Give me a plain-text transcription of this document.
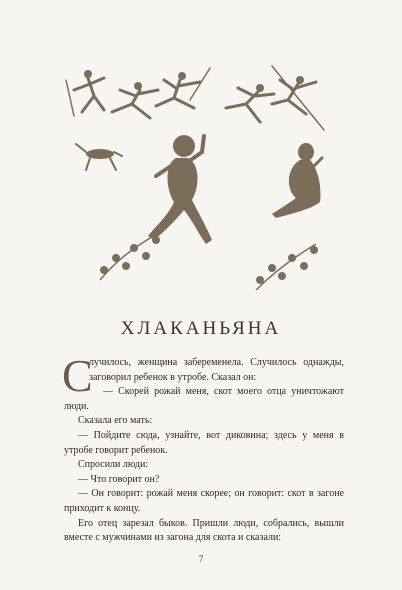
ХЛАКАНЬЯНА
С

лучилось, женщина забеременела. Случилось однажды, заговорил ребенок в утробе. Сказал он:

— Скорей рожай меня, скот моего отца уничтожают люди.

Сказала его мать:

— Пойдите сюда, узнайте, вот диковина; здесь у меня в утробе говорит ребенок.

Спросили люди:

— Что говорит он?

— Он говорит: рожай меня скорее; он говорит: скот в загоне приходит к концу.

Его отец зарезал быков. Пришли люди, собрались, вышли вместе с мужчинами из загона для скота и сказали:

7
